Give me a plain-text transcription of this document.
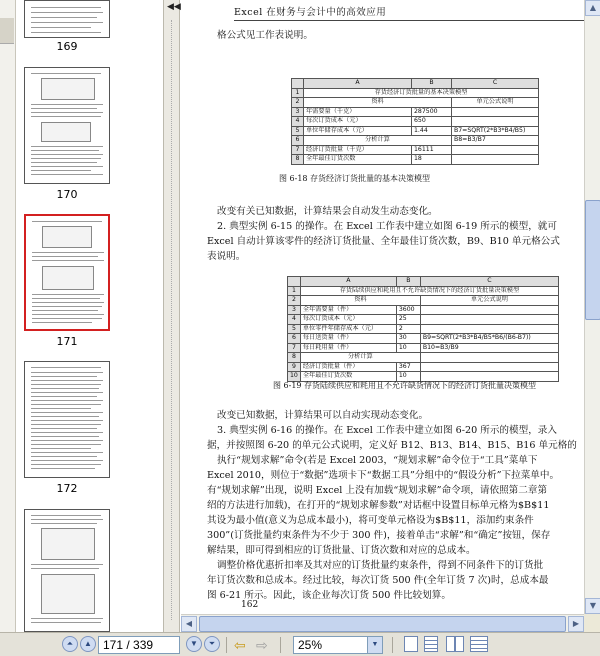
169
170
171
172
◀◀	Excel 在财务与会计中的高效应用
格公式见工作表说明。
	A	B	C
1	存货经济订货批量的基本决策模型		
2	资料		单元公式说明
3	年需要量（千克）	287500	
4	每次订货成本（元）	650	
5	单位年储存成本（元）	1.44	B7=SQRT(2*B3*B4/B5)
6	分析计算		B8=B3/B7
7	经济订货批量（千克）	16111	
8	全年最佳订货次数	18	
图 6-18 存货经济订货批量的基本决策模型
改变有关已知数据，计算结果会自动发生动态变化。
2. 典型实例 6-15 的操作。在 Excel 工作表中建立如图 6-19 所示的模型，就可
Excel 自动计算该零件的经济订货批量、全年最佳订货次数，B9、B10 单元格公式
表说明。
	A	B	C
1	存货陆续供应和耗用且不允许缺货情况下的经济订货批量决策模型		
2	资料		单元公式说明
3	全年需要量（件）	3600	
4	每次订货成本（元）	25	
5	单位零件年储存成本（元）	2	
6	每日送货量（件）	30	B9=SQRT(2*B3*B4/B5*B6/(B6-B7))
7	每日耗用量（件）	10	B10=B3/B9
8	分析计算		
9	经济订货批量（件）	367	
10	全年最佳订货次数	10	
图 6-19 存货陆续供应和耗用且不允许缺货情况下的经济订货批量决策模型
改变已知数据，计算结果可以自动实现动态变化。
3. 典型实例 6-16 的操作。在 Excel 工作表中建立如图 6-20 所示的模型，录入
据，并按照图 6-20 的单元公式说明，定义好 B12、B13、B14、B15、B16 单元格的
执行“规划求解”命令(若是 Excel 2003，“规划求解”命令位于“工具”菜单下
Excel 2010，则位于“数据”选项卡下“数据工具”分组中的“假设分析”下拉菜单中。
有“规划求解”出现，说明 Excel 上没有加载“规划求解”命令项，请依照第二章第
绍的方法进行加载)，在打开的“规划求解参数”对话框中设置目标单元格为$B$11
其设为最小值(意义为总成本最小)，将可变单元格设为$B$11，添加约束条件
300”(订货批量约束条件为不少于 300 件)，接着单击“求解”和“确定”按钮，保存
解结果，即可得到相应的订货批量、订货次数和对应的总成本。
调整价格优惠折扣率及其对应的订货批量约束条件，得到不同条件下的订货批
年订货次数和总成本。经过比较，每次订货 500 件(全年订货 7 次)时，总成本最
图 6-21 所示。因此，该企业每次订货 500 件比较划算。
162
▲
▼
◀	▶
⏶	▲ 171 / 339	▼	⏷	⇦ ⇨	25%	▼
